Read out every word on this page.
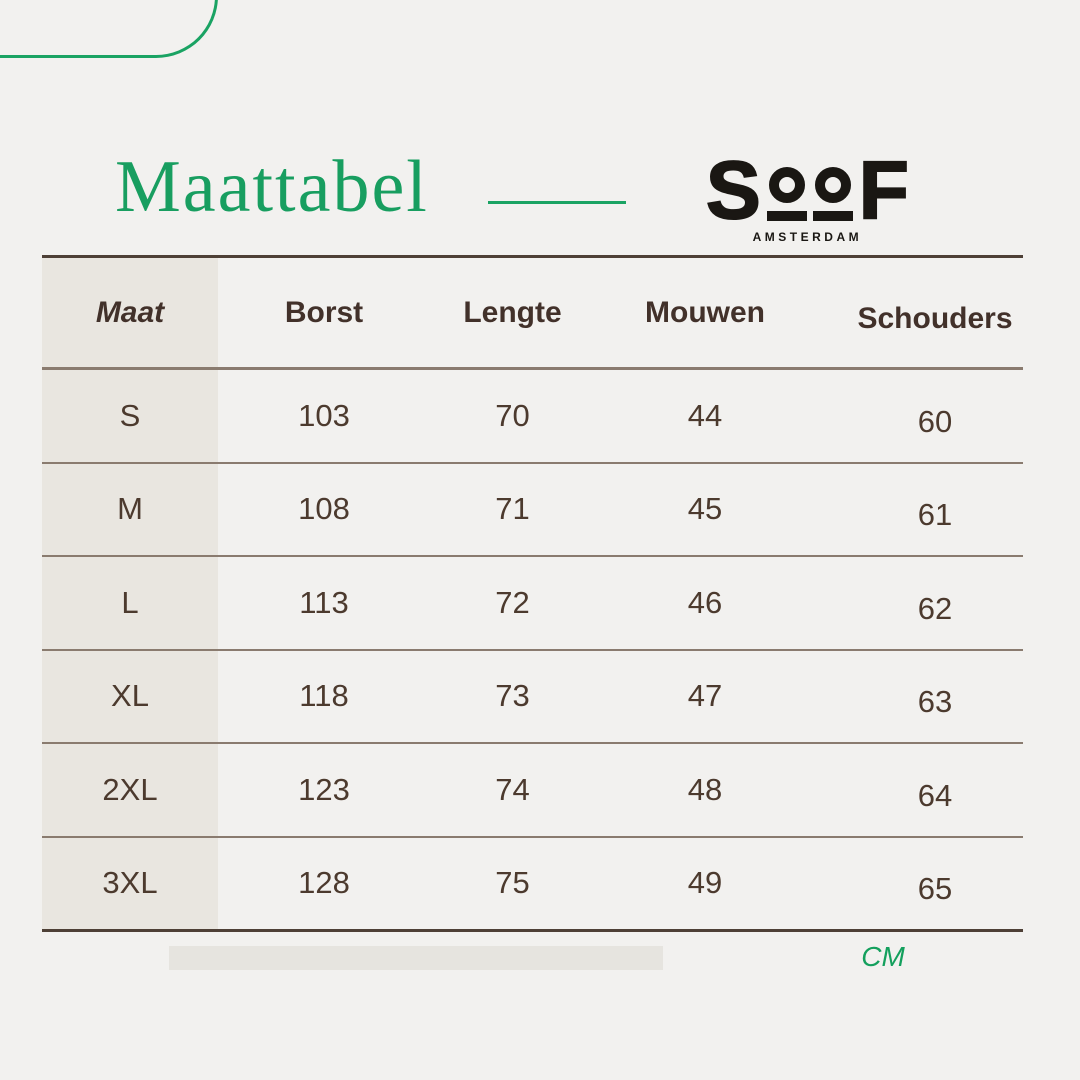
Maattabel	S F
AMSTERDAM
Maat	Borst	Lengte	Mouwen	Schouders
S	103	70	44	60
M	108	71	45	61
L	113	72	46	62
XL	118	73	47	63
2XL	123	74	48	64
3XL	128	75	49	65
CM
